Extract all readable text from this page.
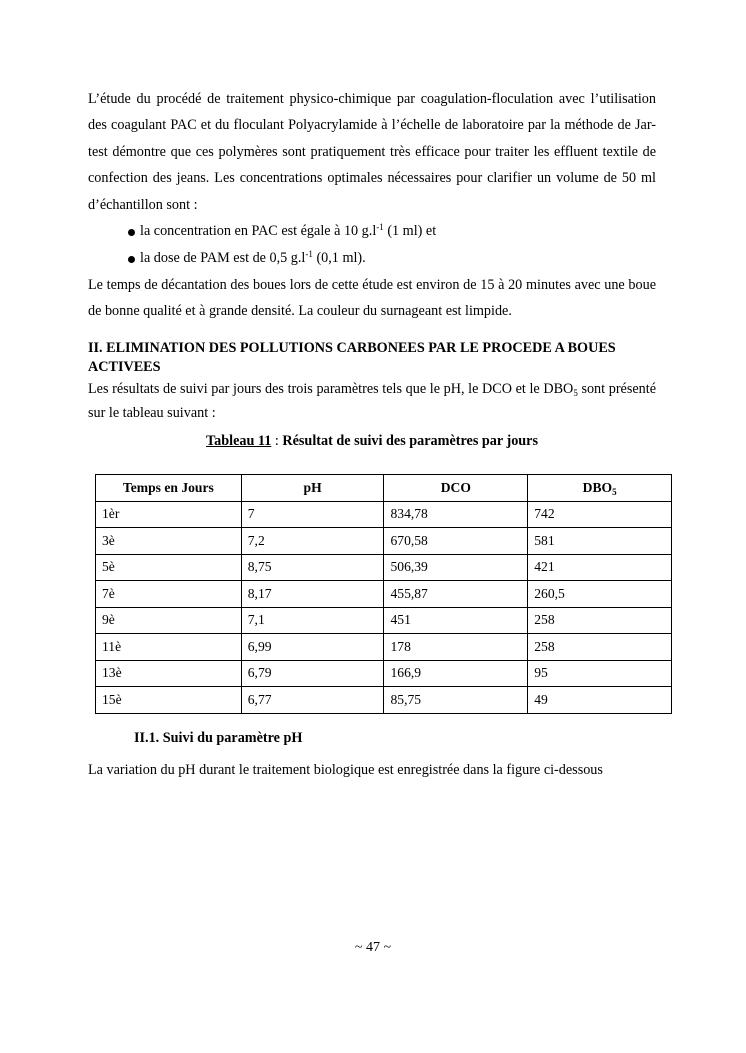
L’étude du procédé de traitement physico-chimique par coagulation-floculation avec l’utilisation des coagulant PAC et du floculant Polyacrylamide à l’échelle de laboratoire par la méthode de Jar-test démontre que ces polymères sont pratiquement très efficace pour traiter les effluent textile de confection des jeans. Les concentrations optimales nécessaires pour clarifier un volume de 50 ml d’échantillon sont :

la concentration en PAC est égale à 10 $g.l^{-1}$ (1 ml) et
la dose de PAM est de 0,5 $g.l^{-1}$ (0,1 ml).

Le temps de décantation des boues lors de cette étude est environ de 15 à 20 minutes avec une boue de bonne qualité et à grande densité. La couleur du surnageant est limpide.

II. ELIMINATION DES POLLUTIONS CARBONEES PAR LE PROCEDE A BOUES ACTIVEES

Les résultats de suivi par jours des trois paramètres tels que le pH, le DCO et le $DBO_5$ sont présenté sur le tableau suivant :

Tableau 11 : Résultat de suivi des paramètres par jours

Temps en Jours	pH	DCO	$DBO_5$
1èr	7	834,78	742
3è	7,2	670,58	581
5è	8,75	506,39	421
7è	8,17	455,87	260,5
9è	7,1	451	258
11è	6,99	178	258
13è	6,79	166,9	95
15è	6,77	85,75	49
II.1. Suivi du paramètre pH
La variation du pH durant le traitement biologique est enregistrée dans la figure ci-dessous
~ 47 ~
